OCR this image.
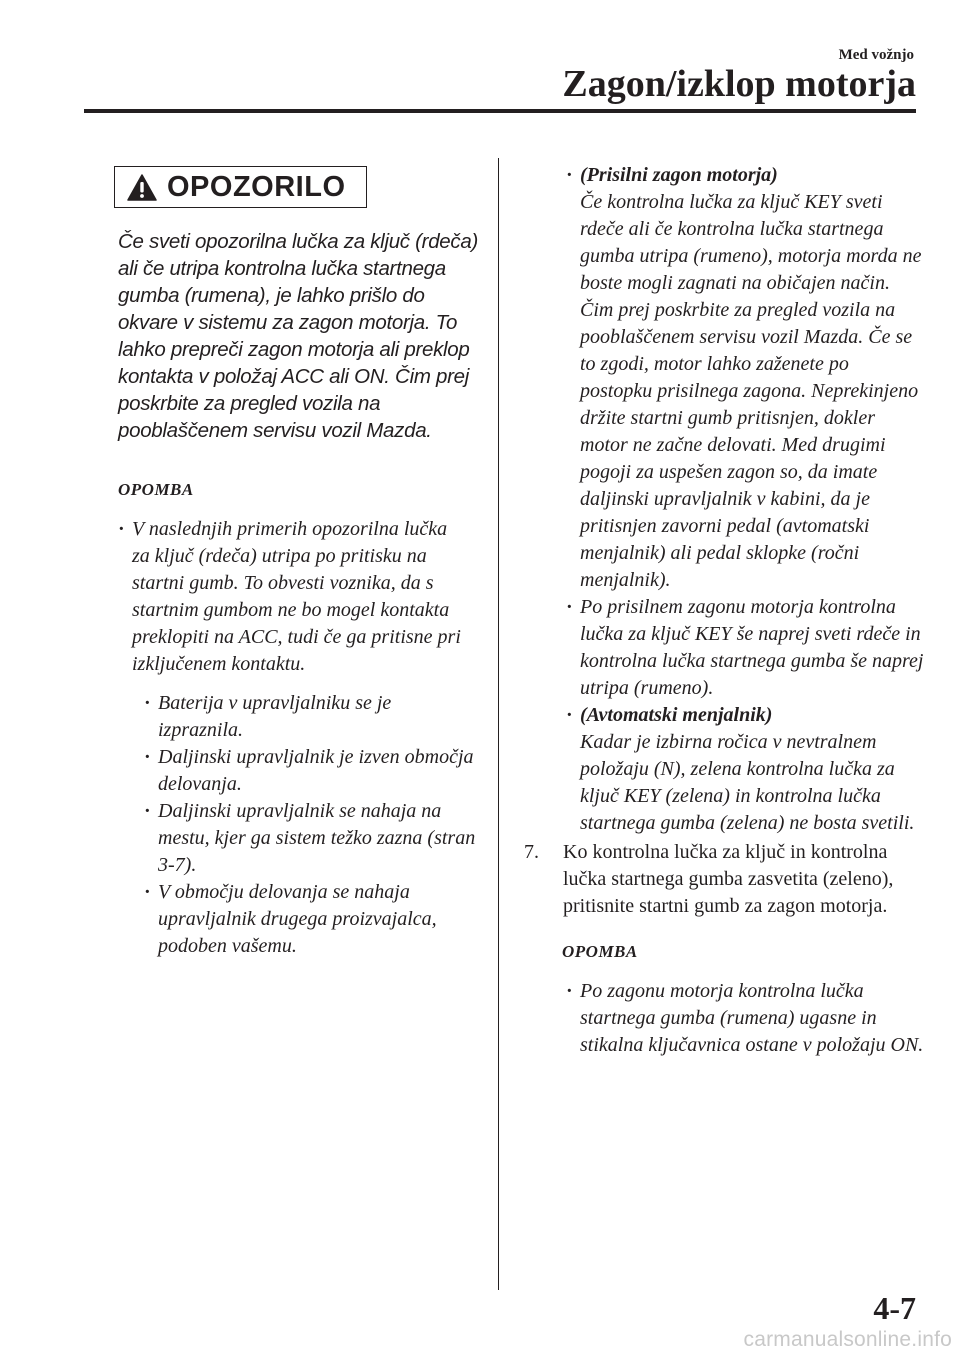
Med vožnjo
Zagon/izklop motorja
OPOZORILO
Če sveti opozorilna lučka za ključ (rdeča) ali če utripa kontrolna lučka startnega gumba (rumena), je lahko prišlo do okvare v sistemu za zagon motorja. To lahko prepreči zagon motorja ali preklop kontakta v položaj ACC ali ON. Čim prej poskrbite za pregled vozila na pooblaščenem servisu vozil Mazda.
OPOMBA
· V naslednjih primerih opozorilna lučka za ključ (rdeča) utripa po pritisku na startni gumb. To obvesti voznika, da s startnim gumbom ne bo mogel kontakta preklopiti na ACC, tudi če ga pritisne pri izključenem kontaktu.
· Baterija v upravljalniku se je izpraznila.
· Daljinski upravljalnik je izven območja delovanja.
· Daljinski upravljalnik se nahaja na mestu, kjer ga sistem težko zazna (stran 3-7).
· V območju delovanja se nahaja upravljalnik drugega proizvajalca, podoben vašemu.
· (Prisilni zagon motorja)
Če kontrolna lučka za ključ KEY sveti rdeče ali če kontrolna lučka startnega gumba utripa (rumeno), motorja morda ne boste mogli zagnati na običajen način. Čim prej poskrbite za pregled vozila na pooblaščenem servisu vozil Mazda. Če se to zgodi, motor lahko zaženete po postopku prisilnega zagona. Neprekinjeno držite startni gumb pritisnjen, dokler motor ne začne delovati. Med drugimi pogoji za uspešen zagon so, da imate daljinski upravljalnik v kabini, da je pritisnjen zavorni pedal (avtomatski menjalnik) ali pedal sklopke (ročni menjalnik).
· Po prisilnem zagonu motorja kontrolna lučka za ključ KEY še naprej sveti rdeče in kontrolna lučka startnega gumba še naprej utripa (rumeno).
· (Avtomatski menjalnik)
Kadar je izbirna ročica v nevtralnem položaju (N), zelena kontrolna lučka za ključ KEY (zelena) in kontrolna lučka startnega gumba (zelena) ne bosta svetili.
7. Ko kontrolna lučka za ključ in kontrolna lučka startnega gumba zasvetita (zeleno), pritisnite startni gumb za zagon motorja.
OPOMBA
· Po zagonu motorja kontrolna lučka startnega gumba (rumena) ugasne in stikalna ključavnica ostane v položaju ON.
4-7
carmanualsonline.info
